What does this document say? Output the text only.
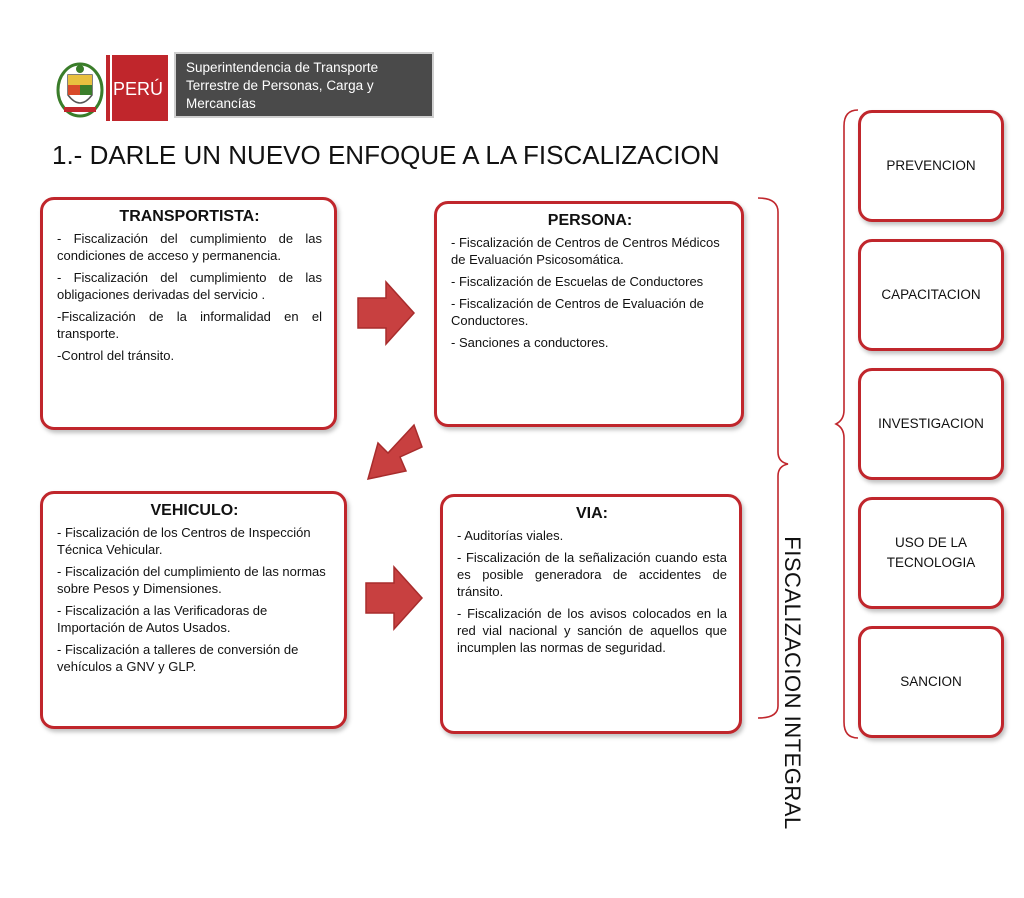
PERÚ
Superintendencia de Transporte
Terrestre de Personas, Carga y
Mercancías
1.- DARLE UN NUEVO ENFOQUE A LA FISCALIZACION
TRANSPORTISTA:
- Fiscalización del cumplimiento de las condiciones de acceso y permanencia.
- Fiscalización del cumplimiento de las obligaciones derivadas del servicio .
-Fiscalización de la informalidad en el transporte.
-Control del tránsito.
PERSONA:
- Fiscalización de Centros de Centros Médicos de Evaluación Psicosomática.
- Fiscalización de Escuelas de Conductores
- Fiscalización de Centros de Evaluación de Conductores.
- Sanciones a conductores.
VEHICULO:
- Fiscalización de los Centros de Inspección Técnica Vehicular.
- Fiscalización del cumplimiento de las normas sobre Pesos y Dimensiones.
- Fiscalización a las Verificadoras de Importación de Autos Usados.
- Fiscalización a talleres de conversión de vehículos a GNV y GLP.
VIA:
- Auditorías viales.
- Fiscalización de la señalización cuando esta es posible generadora de accidentes de tránsito.
- Fiscalización de los avisos colocados en la red vial nacional y sanción de aquellos que incumplen las normas de seguridad.	FISCALIZACION INTEGRAL
PREVENCION
CAPACITACION
INVESTIGACION
USO DE LA TECNOLOGIA
SANCION
